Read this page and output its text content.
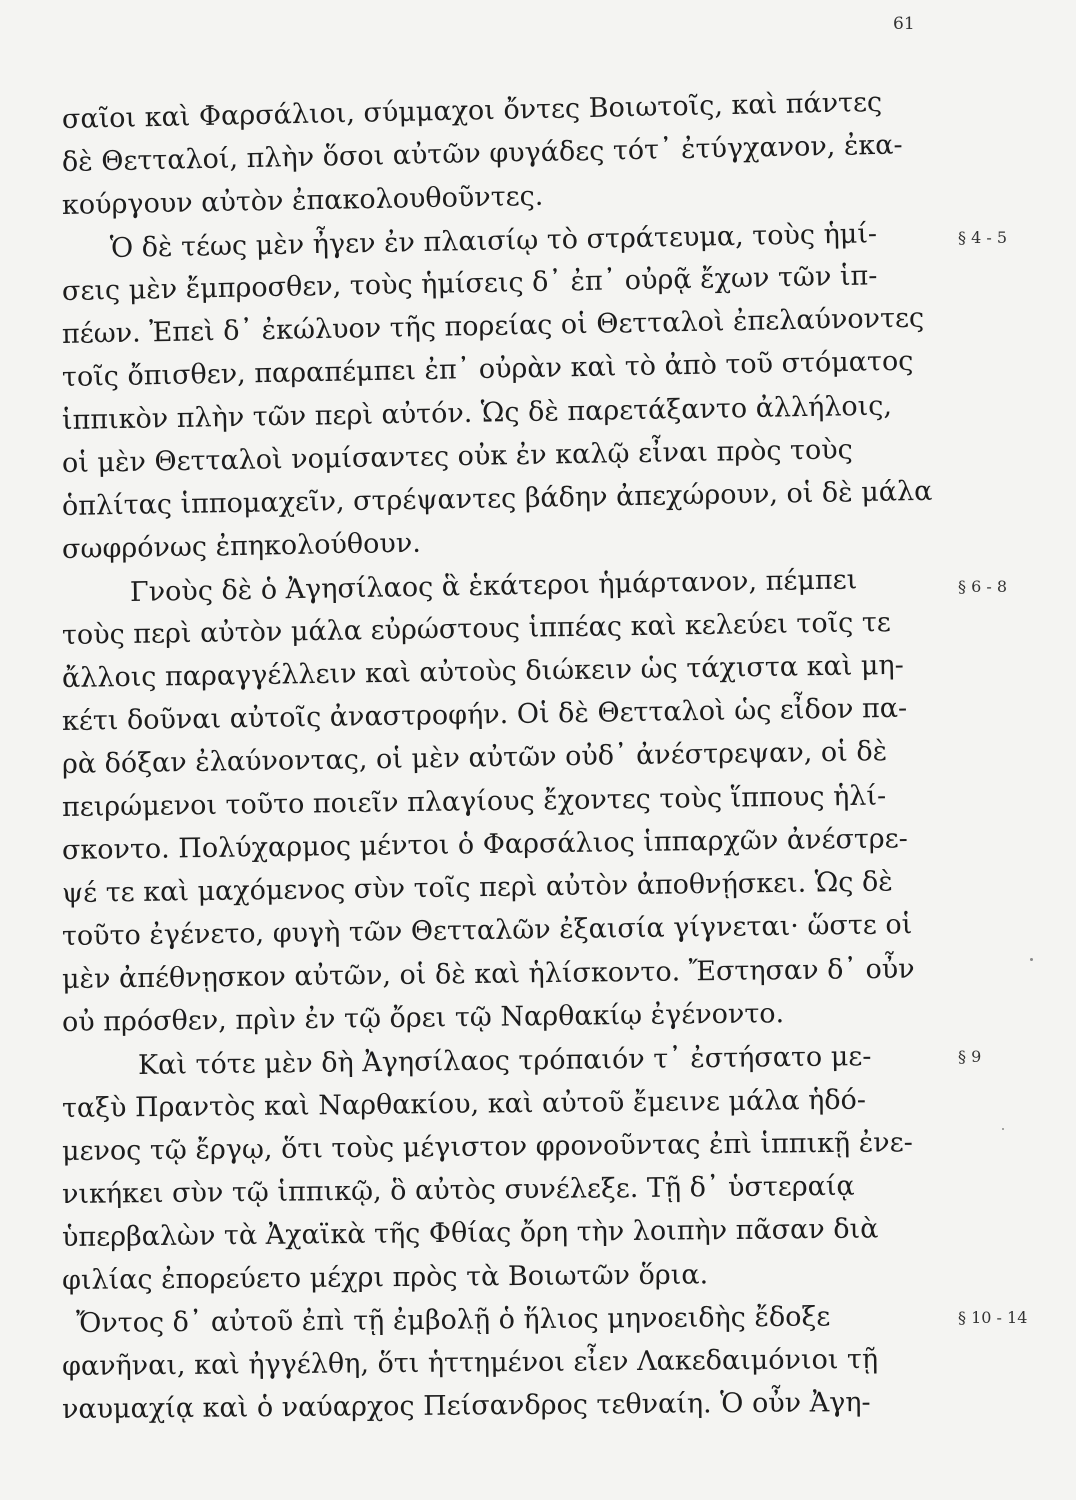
61
σαῖοι καὶ Φαρσάλιοι, σύμμαχοι ὄντες Βοιωτοῖς, καὶ πάντες
δὲ Θετταλοί, πλὴν ὅσοι αὐτῶν φυγάδες τότ᾽ ἐτύγχανον, ἐκα-
κούργουν αὐτὸν ἐπακολουθοῦντες.
Ὁ δὲ τέως μὲν ἦγεν ἐν πλαισίῳ τὸ στράτευμα, τοὺς ἡμί-
σεις μὲν ἔμπροσθεν, τοὺς ἡμίσεις δ᾽ ἐπ᾽ οὐρᾷ ἔχων τῶν ἱπ-
πέων. Ἐπεὶ δ᾽ ἐκώλυον τῆς πορείας οἱ Θετταλοὶ ἐπελαύνοντες
τοῖς ὄπισθεν, παραπέμπει ἐπ᾽ οὐρὰν καὶ τὸ ἀπὸ τοῦ στόματος
ἱππικὸν πλὴν τῶν περὶ αὐτόν. Ὡς δὲ παρετάξαντο ἀλλήλοις,
οἱ μὲν Θετταλοὶ νομίσαντες οὐκ ἐν καλῷ εἶναι πρὸς τοὺς
ὁπλίτας ἱππομαχεῖν, στρέψαντες βάδην ἀπεχώρουν, οἱ δὲ μάλα
σωφρόνως ἐπηκολούθουν.
Γνοὺς δὲ ὁ Ἀγησίλαος ἃ ἑκάτεροι ἡμάρτανον, πέμπει
τοὺς περὶ αὐτὸν μάλα εὐρώστους ἱππέας καὶ κελεύει τοῖς τε
ἄλλοις παραγγέλλειν καὶ αὐτοὺς διώκειν ὡς τάχιστα καὶ μη-
κέτι δοῦναι αὐτοῖς ἀναστροφήν. Οἱ δὲ Θετταλοὶ ὡς εἶδον πα-
ρὰ δόξαν ἐλαύνοντας, οἱ μὲν αὐτῶν οὐδ᾽ ἀνέστρεψαν, οἱ δὲ
πειρώμενοι τοῦτο ποιεῖν πλαγίους ἔχοντες τοὺς ἵππους ἡλί-
σκοντο. Πολύχαρμος μέντοι ὁ Φαρσάλιος ἱππαρχῶν ἀνέστρε-
ψέ τε καὶ μαχόμενος σὺν τοῖς περὶ αὐτὸν ἀποθνῄσκει. Ὡς δὲ
τοῦτο ἐγένετο, φυγὴ τῶν Θετταλῶν ἐξαισία γίγνεται· ὥστε οἱ
μὲν ἀπέθνῃσκον αὐτῶν, οἱ δὲ καὶ ἡλίσκοντο. Ἔστησαν δ᾽ οὖν
οὐ πρόσθεν, πρὶν ἐν τῷ ὄρει τῷ Ναρθακίῳ ἐγένοντο.
Καὶ τότε μὲν δὴ Ἀγησίλαος τρόπαιόν τ᾽ ἐστήσατο με-
ταξὺ Πραντὸς καὶ Ναρθακίου, καὶ αὐτοῦ ἔμεινε μάλα ἡδό-
μενος τῷ ἔργῳ, ὅτι τοὺς μέγιστον φρονοῦντας ἐπὶ ἱππικῇ ἐνε-
νικήκει σὺν τῷ ἱππικῷ, ὃ αὐτὸς συνέλεξε. Τῇ δ᾽ ὑστεραίᾳ
ὑπερβαλὼν τὰ Ἀχαϊκὰ τῆς Φθίας ὄρη τὴν λοιπὴν πᾶσαν διὰ
φιλίας ἐπορεύετο μέχρι πρὸς τὰ Βοιωτῶν ὅρια.
Ὄντος δ᾽ αὐτοῦ ἐπὶ τῇ ἐμβολῇ ὁ ἥλιος μηνοειδὴς ἔδοξε
φανῆναι, καὶ ἠγγέλθη, ὅτι ἡττημένοι εἶεν Λακεδαιμόνιοι τῇ
ναυμαχίᾳ καὶ ὁ ναύαρχος Πείσανδρος τεθναίη. Ὁ οὖν Ἀγη-
§ 4 - 5
§ 6 - 8
§ 9
§ 10 - 14
